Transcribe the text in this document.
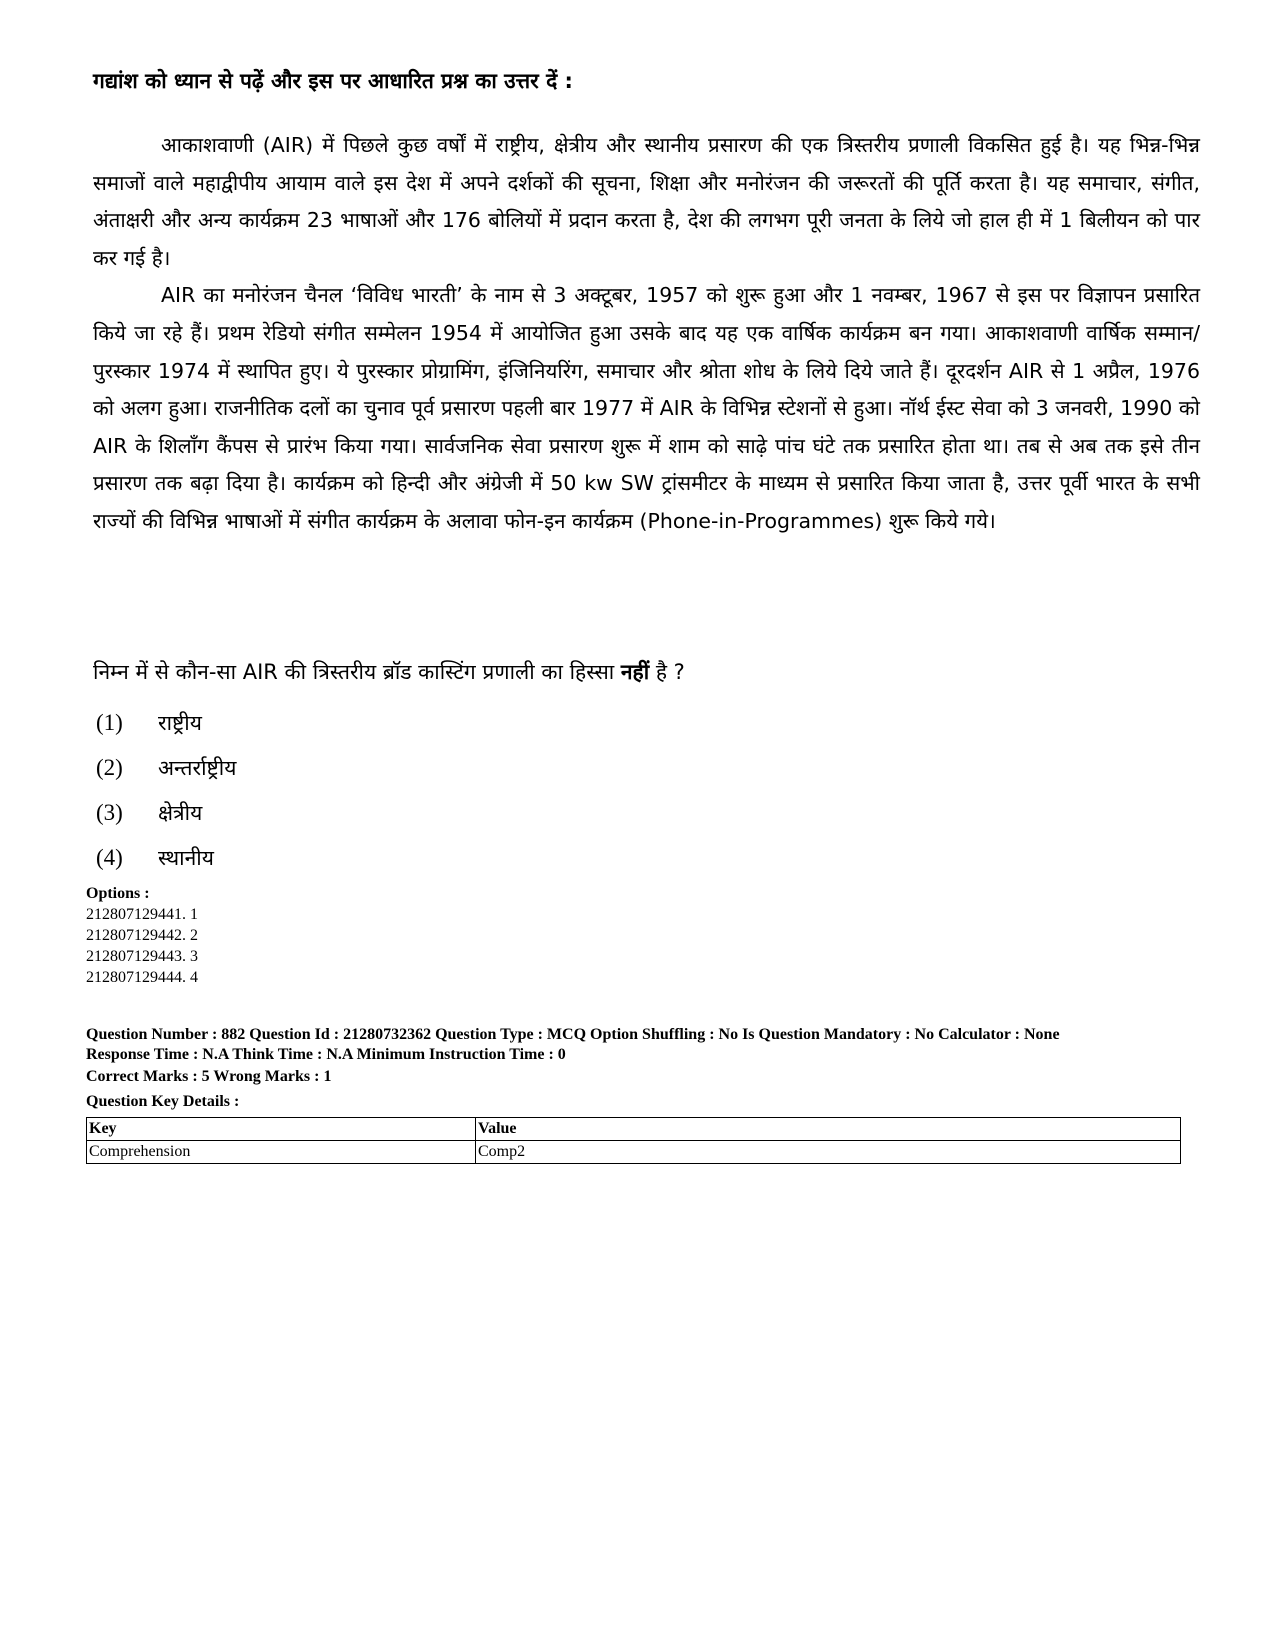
गद्यांश को ध्यान से पढ़ें और इस पर आधारित प्रश्न का उत्तर दें :

आकाशवाणी (AIR) में पिछले कुछ वर्षों में राष्ट्रीय, क्षेत्रीय और स्थानीय प्रसारण की एक त्रिस्तरीय प्रणाली विकसित हुई है। यह भिन्न-भिन्न समाजों वाले महाद्वीपीय आयाम वाले इस देश में अपने दर्शकों की सूचना, शिक्षा और मनोरंजन की जरूरतों की पूर्ति करता है। यह समाचार, संगीत, अंताक्षरी और अन्य कार्यक्रम 23 भाषाओं और 176 बोलियों में प्रदान करता है, देश की लगभग पूरी जनता के लिये जो हाल ही में 1 बिलीयन को पार कर गई है।

AIR का मनोरंजन चैनल ‘विविध भारती’ के नाम से 3 अक्टूबर, 1957 को शुरू हुआ और 1 नवम्बर, 1967 से इस पर विज्ञापन प्रसारित किये जा रहे हैं। प्रथम रेडियो संगीत सम्मेलन 1954 में आयोजित हुआ उसके बाद यह एक वार्षिक कार्यक्रम बन गया। आकाशवाणी वार्षिक सम्मान/पुरस्कार 1974 में स्थापित हुए। ये पुरस्कार प्रोग्रामिंग, इंजिनियरिंग, समाचार और श्रोता शोध के लिये दिये जाते हैं। दूरदर्शन AIR से 1 अप्रैल, 1976 को अलग हुआ। राजनीतिक दलों का चुनाव पूर्व प्रसारण पहली बार 1977 में AIR के विभिन्न स्टेशनों से हुआ। नॉर्थ ईस्ट सेवा को 3 जनवरी, 1990 को AIR के शिलाँग कैंपस से प्रारंभ किया गया। सार्वजनिक सेवा प्रसारण शुरू में शाम को साढ़े पांच घंटे तक प्रसारित होता था। तब से अब तक इसे तीन प्रसारण तक बढ़ा दिया है। कार्यक्रम को हिन्दी और अंग्रेजी में 50 kw SW ट्रांसमीटर के माध्यम से प्रसारित किया जाता है, उत्तर पूर्वी भारत के सभी राज्यों की विभिन्न भाषाओं में संगीत कार्यक्रम के अलावा फोन-इन कार्यक्रम (Phone-in-Programmes) शुरू किये गये।

निम्न में से कौन-सा AIR की त्रिस्तरीय ब्रॉड कास्टिंग प्रणाली का हिस्सा नहीं है ?
(1)	राष्ट्रीय
(2)	अन्तर्राष्ट्रीय
(3)	क्षेत्रीय
(4)	स्थानीय
Options :
212807129441. 1
212807129442. 2
212807129443. 3
212807129444. 4
Question Number : 882 Question Id : 21280732362 Question Type : MCQ Option Shuffling : No Is Question Mandatory : No Calculator : None
Response Time : N.A Think Time : N.A Minimum Instruction Time : 0
Correct Marks : 5 Wrong Marks : 1
Question Key Details :
Key	Value
Comprehension	Comp2
